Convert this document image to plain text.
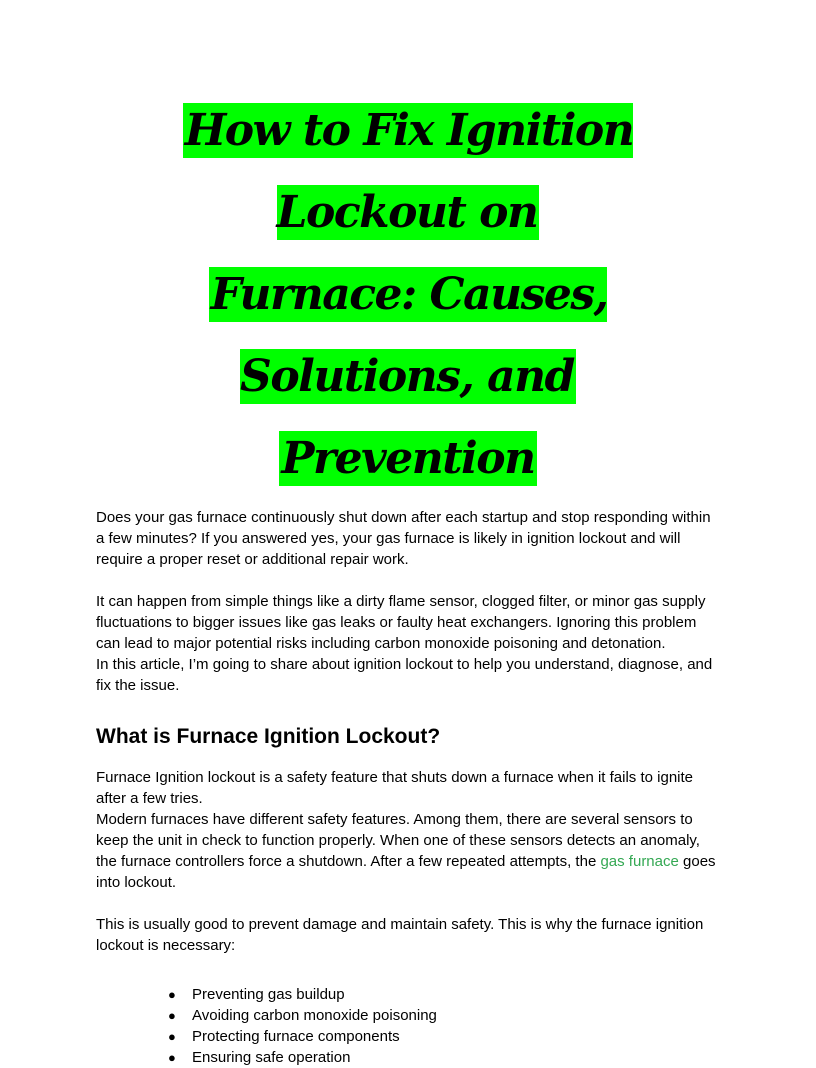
How to Fix Ignition Lockout on
Furnace: Causes, Solutions, and
Prevention

Does your gas furnace continuously shut down after each startup and stop responding within a few minutes? If you answered yes, your gas furnace is likely in ignition lockout and will require a proper reset or additional repair work.

It can happen from simple things like a dirty flame sensor, clogged filter, or minor gas supply fluctuations to bigger issues like gas leaks or faulty heat exchangers. Ignoring this problem can lead to major potential risks including carbon monoxide poisoning and detonation.

In this article, I’m going to share about ignition lockout to help you understand, diagnose, and fix the issue.

What is Furnace Ignition Lockout?

Furnace Ignition lockout is a safety feature that shuts down a furnace when it fails to ignite after a few tries.

Modern furnaces have different safety features. Among them, there are several sensors to keep the unit in check to function properly. When one of these sensors detects an anomaly, the furnace controllers force a shutdown. After a few repeated attempts, the gas furnace goes into lockout.

This is usually good to prevent damage and maintain safety. This is why the furnace ignition lockout is necessary:

● Preventing gas buildup
● Avoiding carbon monoxide poisoning
● Protecting furnace components
● Ensuring safe operation
